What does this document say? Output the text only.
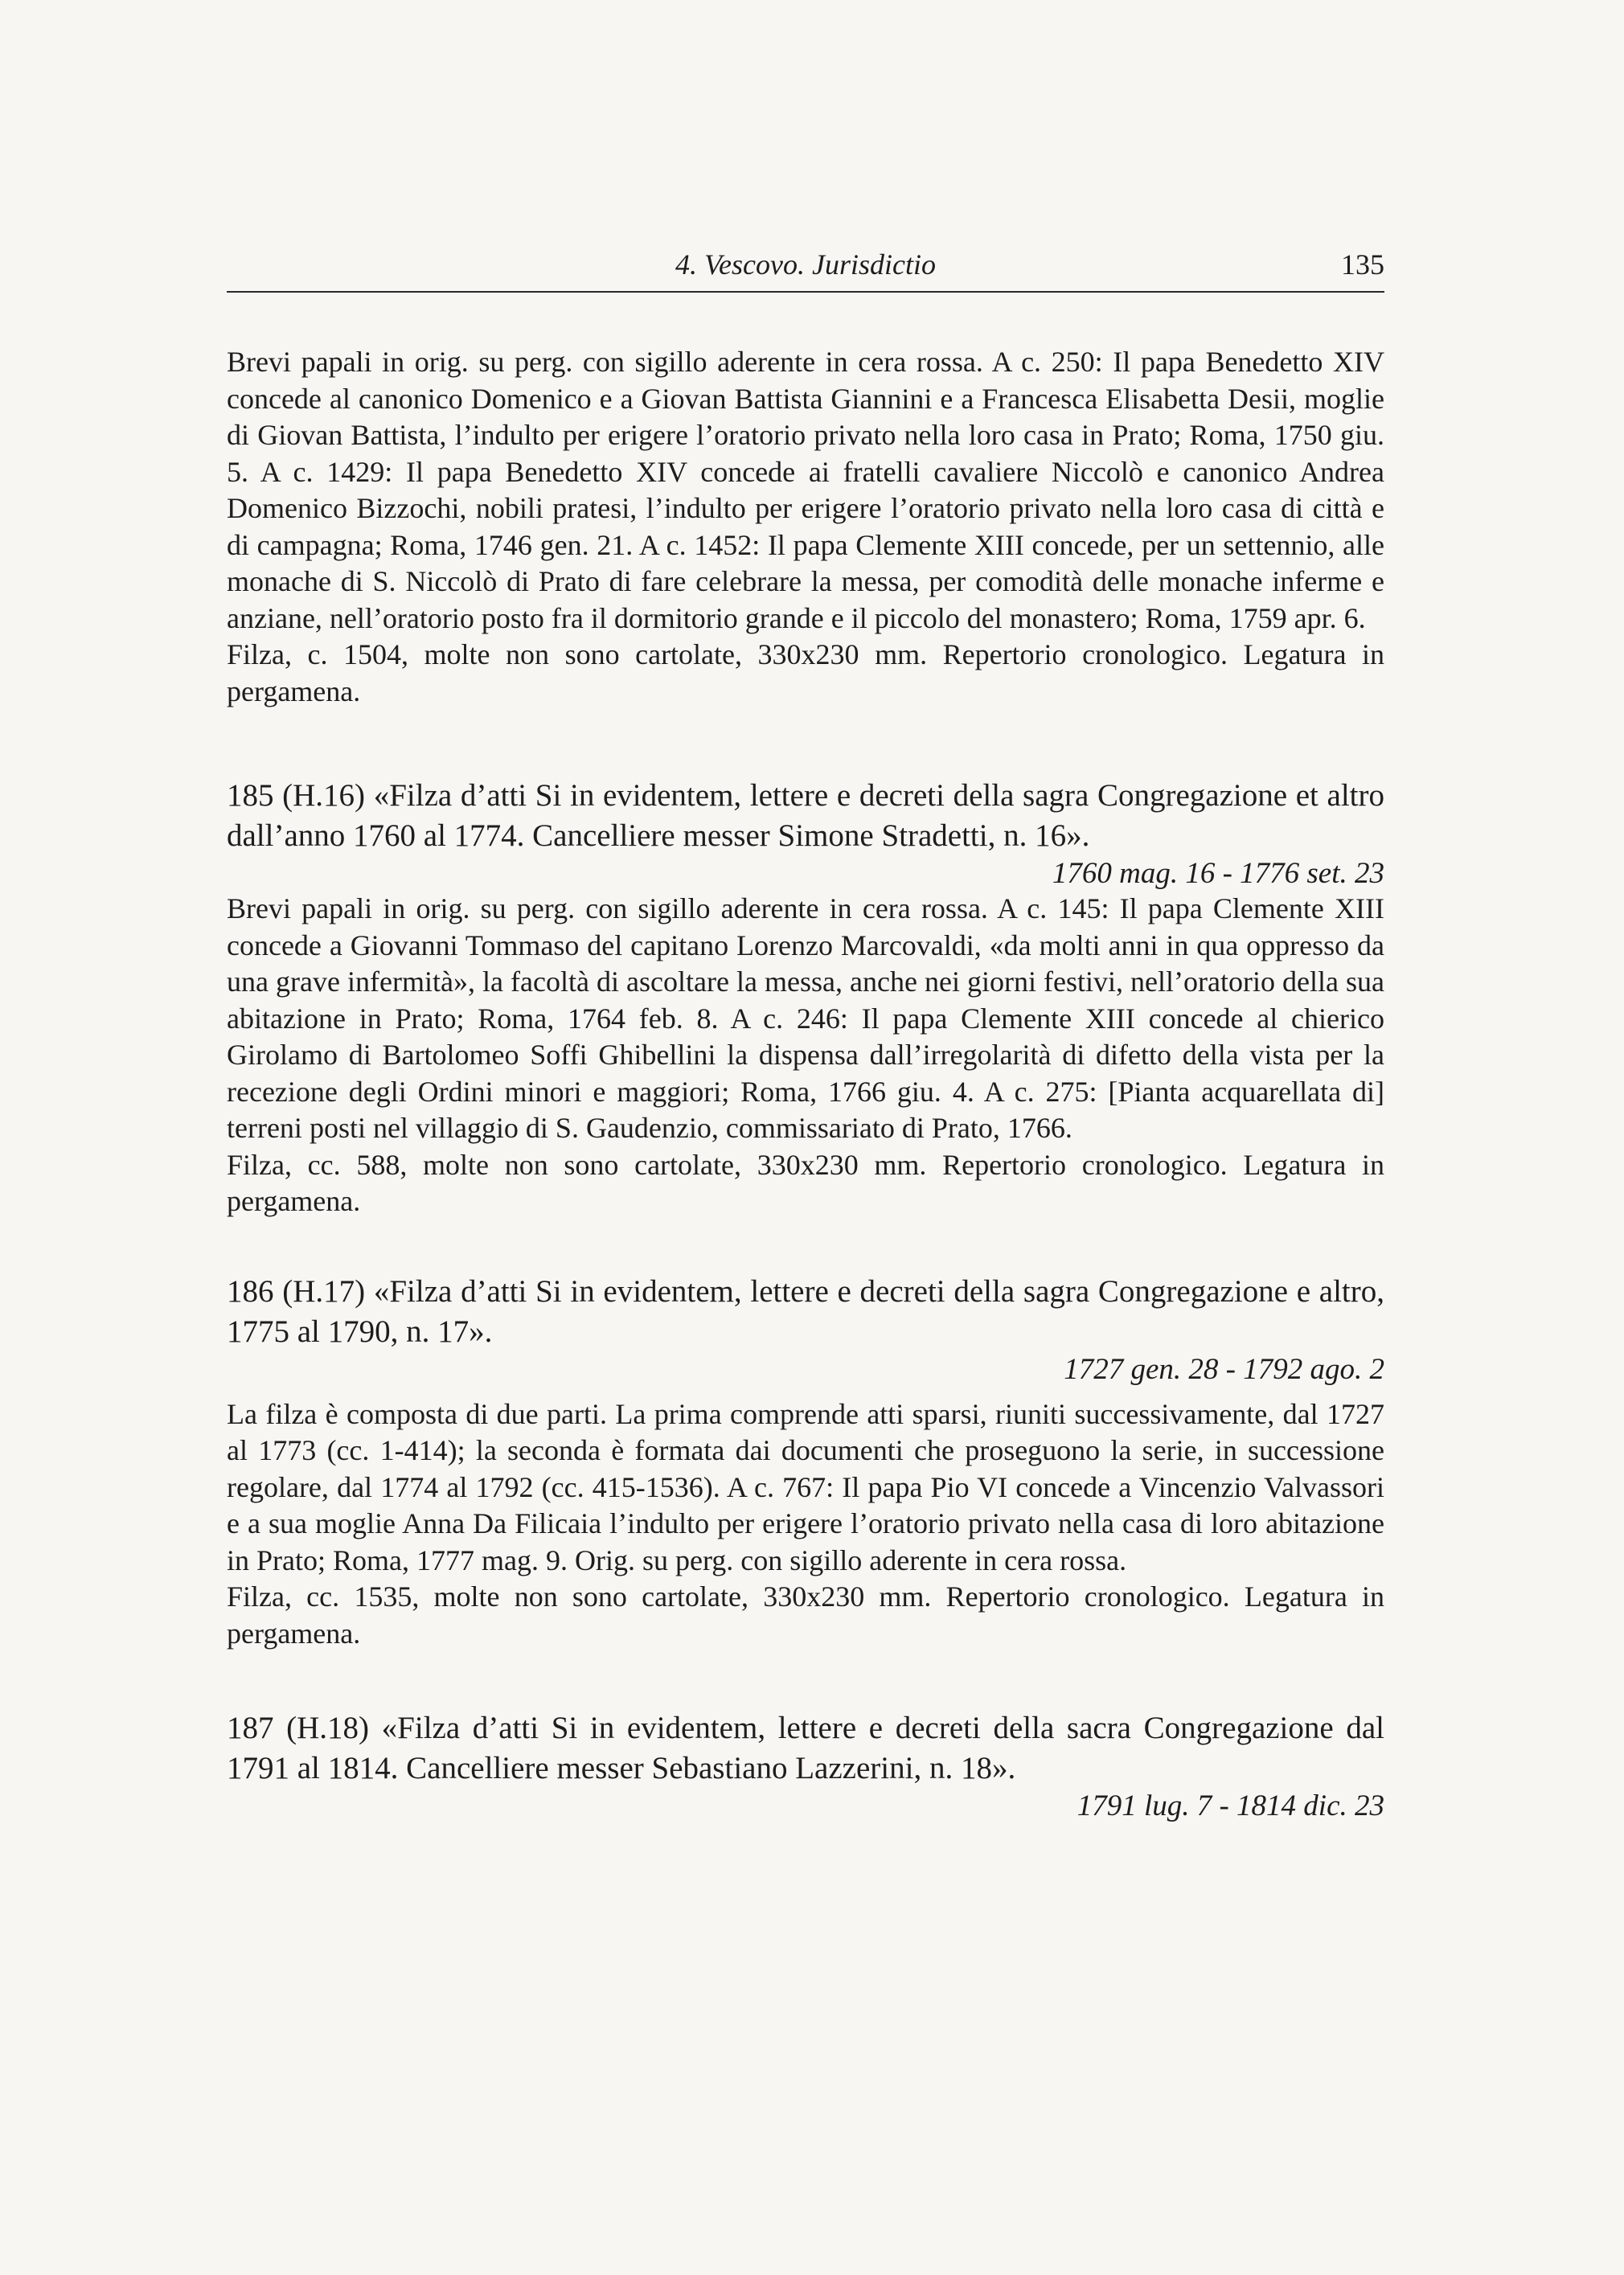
4. Vescovo. Jurisdictio	135

Brevi papali in orig. su perg. con sigillo aderente in cera rossa. A c. 250: Il papa Benedetto XIV concede al canonico Domenico e a Giovan Battista Giannini e a Francesca Elisabetta Desii, moglie di Giovan Battista, l’indulto per erigere l’oratorio privato nella loro casa in Prato; Roma, 1750 giu. 5. A c. 1429: Il papa Benedetto XIV concede ai fratelli cavaliere Niccolò e canonico Andrea Domenico Bizzochi, nobili pratesi, l’indulto per erigere l’oratorio privato nella loro casa di città e di campagna; Roma, 1746 gen. 21. A c. 1452: Il papa Clemente XIII concede, per un settennio, alle monache di S. Niccolò di Prato di fare celebrare la messa, per comodità delle monache inferme e anziane, nell’oratorio posto fra il dormitorio grande e il piccolo del monastero; Roma, 1759 apr. 6.

Filza, c. 1504, molte non sono cartolate, 330x230 mm. Repertorio cronologico. Legatura in pergamena.

185 (H.16) «Filza d’atti Si in evidentem, lettere e decreti della sagra Congregazione et altro dall’anno 1760 al 1774. Cancelliere messer Simone Stradetti, n. 16».

1760 mag. 16 - 1776 set. 23

Brevi papali in orig. su perg. con sigillo aderente in cera rossa. A c. 145: Il papa Clemente XIII concede a Giovanni Tommaso del capitano Lorenzo Marcovaldi, «da molti anni in qua oppresso da una grave infermità», la facoltà di ascoltare la messa, anche nei giorni festivi, nell’oratorio della sua abitazione in Prato; Roma, 1764 feb. 8. A c. 246: Il papa Clemente XIII concede al chierico Girolamo di Bartolomeo Soffi Ghibellini la dispensa dall’irregolarità di difetto della vista per la recezione degli Ordini minori e maggiori; Roma, 1766 giu. 4. A c. 275: [Pianta acquarellata di] terreni posti nel villaggio di S. Gaudenzio, commissariato di Prato, 1766.

Filza, cc. 588, molte non sono cartolate, 330x230 mm. Repertorio cronologico. Legatura in pergamena.

186 (H.17) «Filza d’atti Si in evidentem, lettere e decreti della sagra Congregazione e altro, 1775 al 1790, n. 17».

1727 gen. 28 - 1792 ago. 2

La filza è composta di due parti. La prima comprende atti sparsi, riuniti successivamente, dal 1727 al 1773 (cc. 1-414); la seconda è formata dai documenti che proseguono la serie, in successione regolare, dal 1774 al 1792 (cc. 415-1536). A c. 767: Il papa Pio VI concede a Vincenzio Valvassori e a sua moglie Anna Da Filicaia l’indulto per erigere l’oratorio privato nella casa di loro abitazione in Prato; Roma, 1777 mag. 9. Orig. su perg. con sigillo aderente in cera rossa.

Filza, cc. 1535, molte non sono cartolate, 330x230 mm. Repertorio cronologico. Legatura in pergamena.

187 (H.18) «Filza d’atti Si in evidentem, lettere e decreti della sacra Congregazione dal 1791 al 1814. Cancelliere messer Sebastiano Lazzerini, n. 18».

1791 lug. 7 - 1814 dic. 23
